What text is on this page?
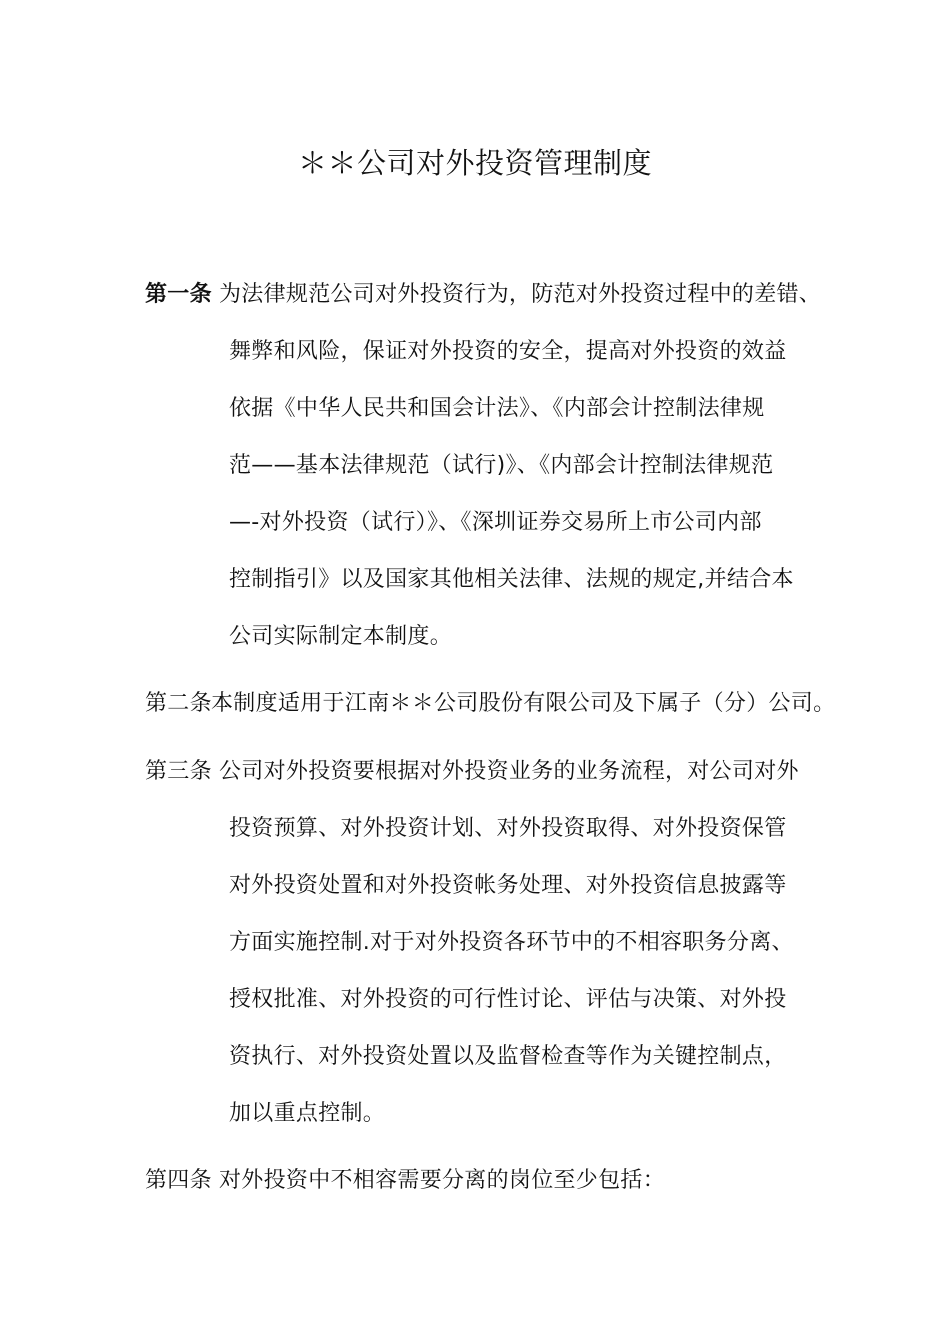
＊＊公司对外投资管理制度
第一条 为法律规范公司对外投资行为，防范对外投资过程中的差错、
舞弊和风险，保证对外投资的安全，提高对外投资的效益
依据《中华人民共和国会计法》、《内部会计控制法律规
范——基本法律规范（试行)》、《内部会计控制法律规范
—-对外投资（试行）》、《深圳证券交易所上市公司内部
控制指引》以及国家其他相关法律、法规的规定,并结合本
公司实际制定本制度。
第二条 本制度适用于江南＊＊公司股份有限公司及下属子（分）公司。
第三条 公司对外投资要根据对外投资业务的业务流程，对公司对外
投资预算、对外投资计划、对外投资取得、对外投资保管
对外投资处置和对外投资帐务处理、对外投资信息披露等
方面实施控制.对于对外投资各环节中的不相容职务分离、
授权批准、对外投资的可行性讨论、评估与决策、对外投
资执行、对外投资处置以及监督检查等作为关键控制点，
加以重点控制。
第四条 对外投资中不相容需要分离的岗位至少包括：
